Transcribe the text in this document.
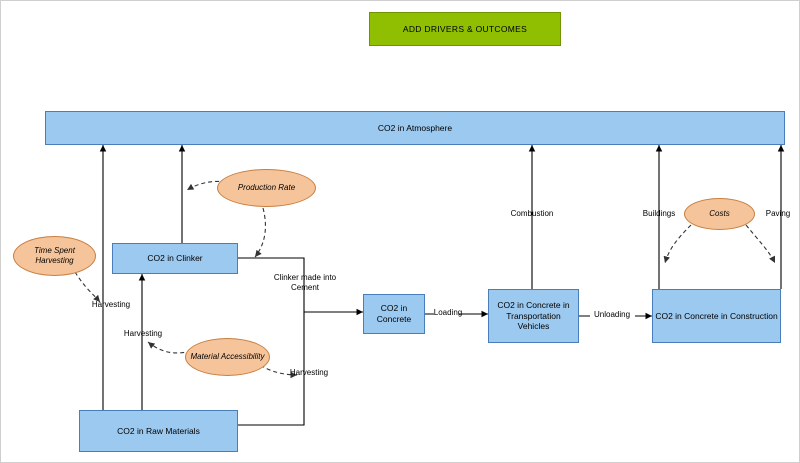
ADD DRIVERS & OUTCOMES
CO2 in Atmosphere
CO2 in Clinker
CO2 in Raw Materials
CO2 in Concrete
CO2 in Concrete in Transportation Vehicles
CO2 in Concrete in Construction
Time Spent Harvesting
Production Rate
Material Accessibility
Costs
Harvesting
Harvesting
Harvesting
Clinker made into Cement
Loading	Unloading
Combustion	Buildings	Paving
